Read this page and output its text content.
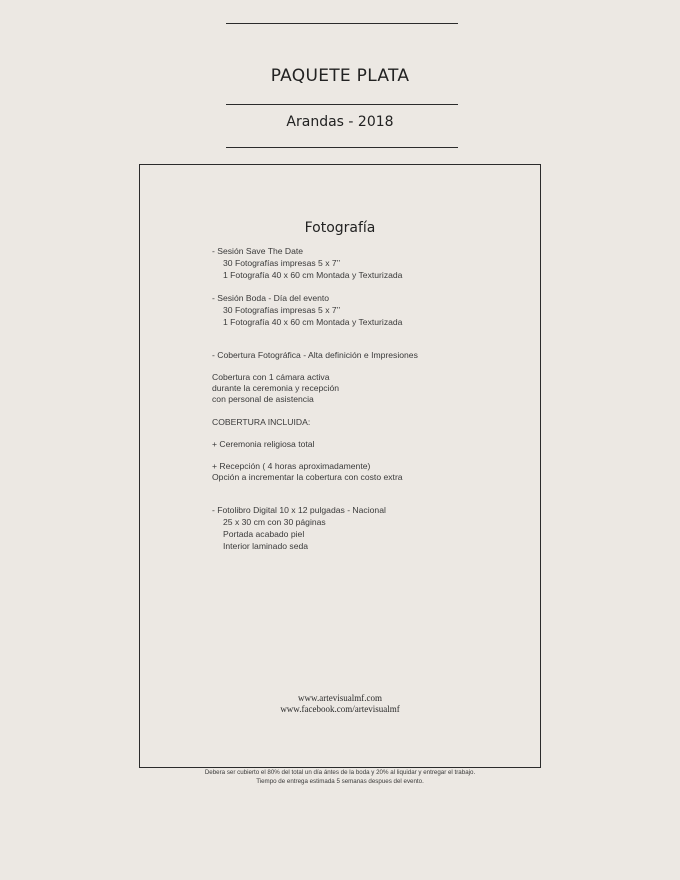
PAQUETE PLATA
Arandas - 2018
Fotografía
- Sesión Save The Date
30 Fotografías impresas 5 x 7’’
1 Fotografía 40 x 60 cm Montada y Texturizada
- Sesión Boda - Día del evento
30 Fotografías impresas 5 x 7’’
1 Fotografía 40 x 60 cm Montada y Texturizada
- Cobertura Fotográfica - Alta definición e Impresiones
Cobertura con 1 cámara activa
durante la ceremonia y recepción
con personal de asistencia
COBERTURA INCLUIDA:
+ Ceremonia religiosa total
+ Recepción ( 4 horas aproximadamente)
Opción a incrementar la cobertura con costo extra
- Fotolibro Digital 10 x 12 pulgadas - Nacional
25 x 30 cm con 30 páginas
Portada acabado piel
Interior laminado seda
www.artevisualmf.com
www.facebook.com/artevisualmf
Debera ser cubierto el 80% del total un día ántes de la boda y 20% al liquidar y entregar el trabajo.
Tiempo de entrega estimada 5 semanas despues del evento.
